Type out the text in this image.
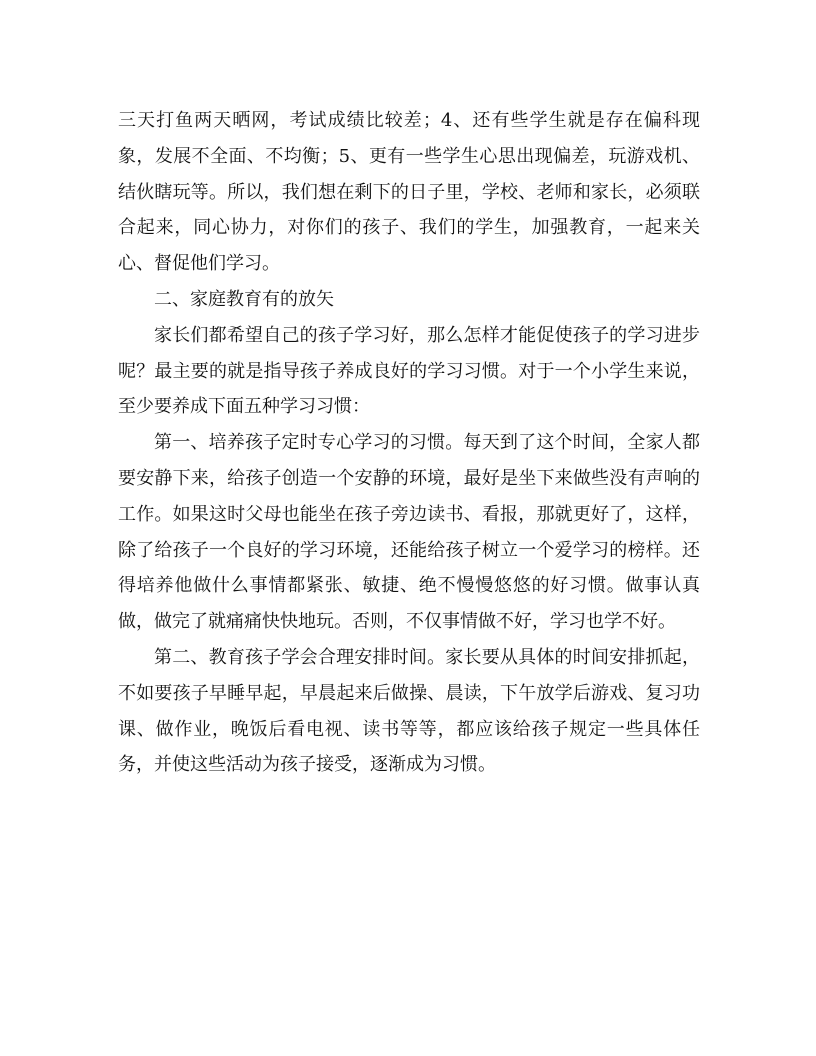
三天打鱼两天晒网，考试成绩比较差；4、还有些学生就是存在偏科现象，发展不全面、不均衡；5、更有一些学生心思出现偏差，玩游戏机、结伙瞎玩等。所以，我们想在剩下的日子里，学校、老师和家长，必须联合起来，同心协力，对你们的孩子、我们的学生，加强教育，一起来关心、督促他们学习。

二、家庭教育有的放矢

家长们都希望自己的孩子学习好，那么怎样才能促使孩子的学习进步呢？最主要的就是指导孩子养成良好的学习习惯。对于一个小学生来说，至少要养成下面五种学习习惯：

第一、培养孩子定时专心学习的习惯。每天到了这个时间，全家人都要安静下来，给孩子创造一个安静的环境，最好是坐下来做些没有声响的工作。如果这时父母也能坐在孩子旁边读书、看报，那就更好了，这样，除了给孩子一个良好的学习环境，还能给孩子树立一个爱学习的榜样。还得培养他做什么事情都紧张、敏捷、绝不慢慢悠悠的好习惯。做事认真做，做完了就痛痛快快地玩。否则，不仅事情做不好，学习也学不好。

第二、教育孩子学会合理安排时间。家长要从具体的时间安排抓起，不如要孩子早睡早起，早晨起来后做操、晨读，下午放学后游戏、复习功课、做作业，晚饭后看电视、读书等等，都应该给孩子规定一些具体任务，并使这些活动为孩子接受，逐渐成为习惯。
